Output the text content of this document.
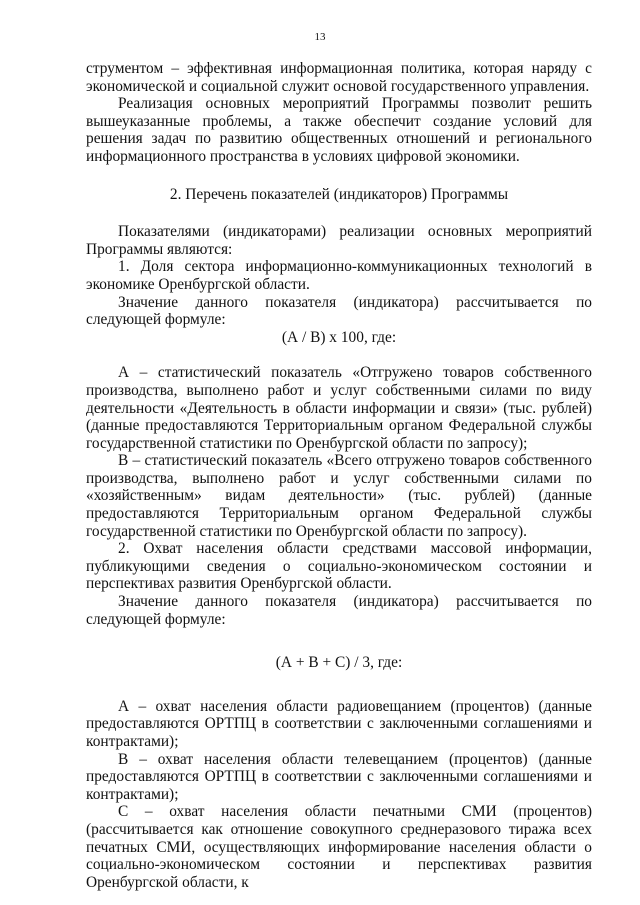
13

струментом – эффективная информационная политика, которая наряду с экономической и социальной служит основой государственного управления.

Реализация основных мероприятий Программы позволит решить вышеуказанные проблемы, а также обеспечит создание условий для решения задач по развитию общественных отношений и регионального информационного пространства в условиях цифровой экономики.

2. Перечень показателей (индикаторов) Программы

Показателями (индикаторами) реализации основных мероприятий Программы являются:

1. Доля сектора информационно-коммуникационных технологий в экономике Оренбургской области.

Значение данного показателя (индикатора) рассчитывается по следующей формуле:

(А / В) х 100, где:

А – статистический показатель «Отгружено товаров собственного производства, выполнено работ и услуг собственными силами по виду деятельности «Деятельность в области информации и связи» (тыс. рублей) (данные предоставляются Территориальным органом Федеральной службы государственной статистики по Оренбургской области по запросу);

В – статистический показатель «Всего отгружено товаров собственного производства, выполнено работ и услуг собственными силами по «хозяйственным» видам деятельности» (тыс. рублей) (данные предоставляются Территориальным органом Федеральной службы государственной статистики по Оренбургской области по запросу).

2. Охват населения области средствами массовой информации, публикующими сведения о социально-экономическом состоянии и перспективах развития Оренбургской области.

Значение данного показателя (индикатора) рассчитывается по следующей формуле:

(А + В + С) / 3, где:

А – охват населения области радиовещанием (процентов) (данные предоставляются ОРТПЦ в соответствии с заключенными соглашениями и контрактами);

В – охват населения области телевещанием (процентов) (данные предоставляются ОРТПЦ в соответствии с заключенными соглашениями и контрактами);

С – охват населения области печатными СМИ (процентов) (рассчитывается как отношение совокупного среднеразового тиража всех печатных СМИ, осуществляющих информирование населения области о социально-экономическом состоянии и перспективах развития Оренбургской области, к
